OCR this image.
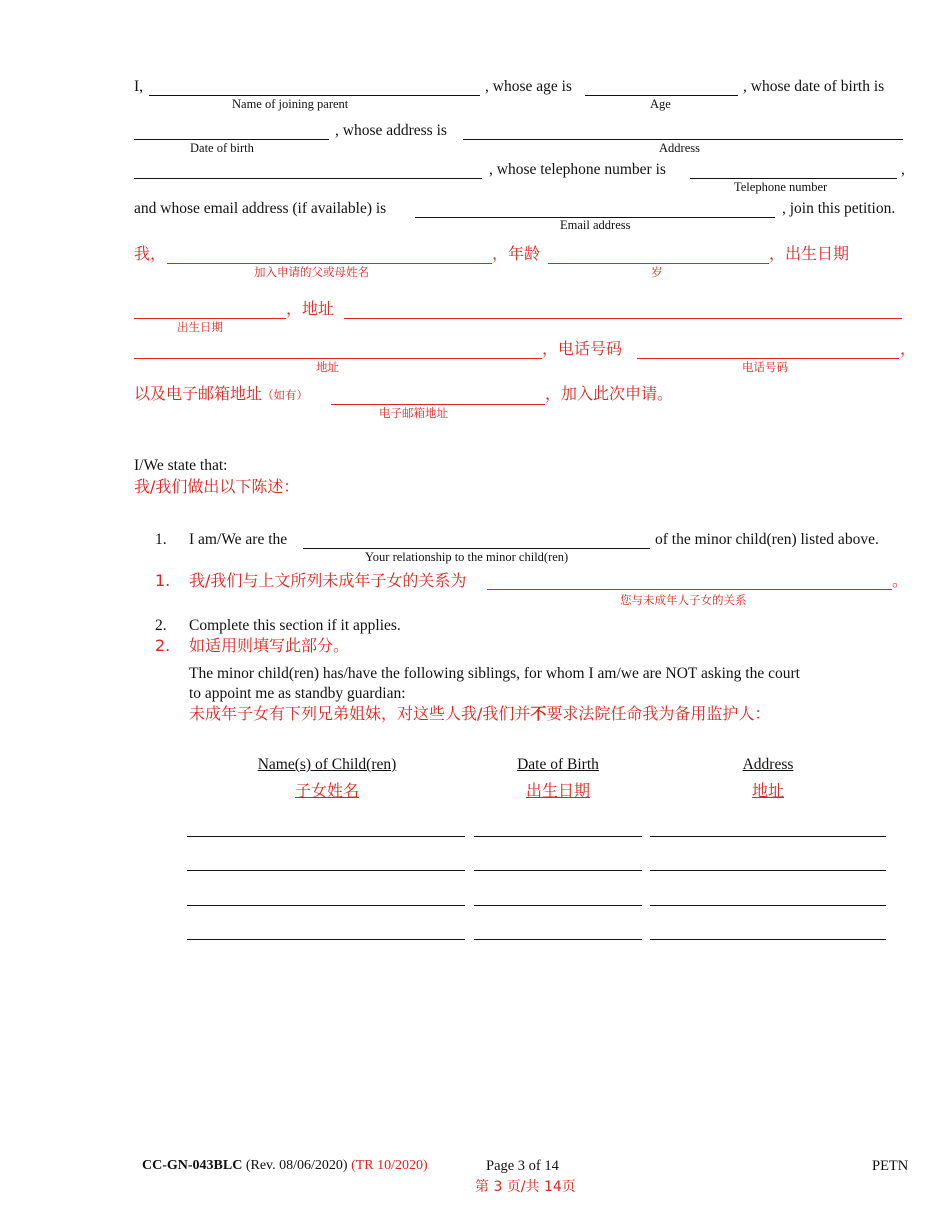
I,
Name of joining parent
, whose age is
Age
, whose date of birth is
Date of birth
, whose address is
Address
, whose telephone number is
Telephone number
,
and whose email address (if available) is
Email address
, join this petition.
我，
加入申请的父或母姓名
，年龄
岁
，出生日期
出生日期
，地址
地址
，电话号码
电话号码
，
以及电子邮箱地址（如有）
电子邮箱地址
，加入此次申请。
I/We state that:
我/我们做出以下陈述：
1. I am/We are the
Your relationship to the minor child(ren)
of the minor child(ren) listed above.
1. 我/我们与上文所列未成年子女的关系为
您与未成年人子女的关系
。
2. Complete this section if it applies.
2. 如适用则填写此部分。
The minor child(ren) has/have the following siblings, for whom I am/we are NOT asking the court
to appoint me as standby guardian:
未成年子女有下列兄弟姐妹，对这些人我/我们并不要求法院任命我为备用监护人：
Name(s) of Child(ren)
子女姓名
Date of Birth
出生日期
Address
地址
CC-GN-043BLC (Rev. 08/06/2020) (TR 10/2020)	Page 3 of 14
第 3 页/共 14页
PETN
